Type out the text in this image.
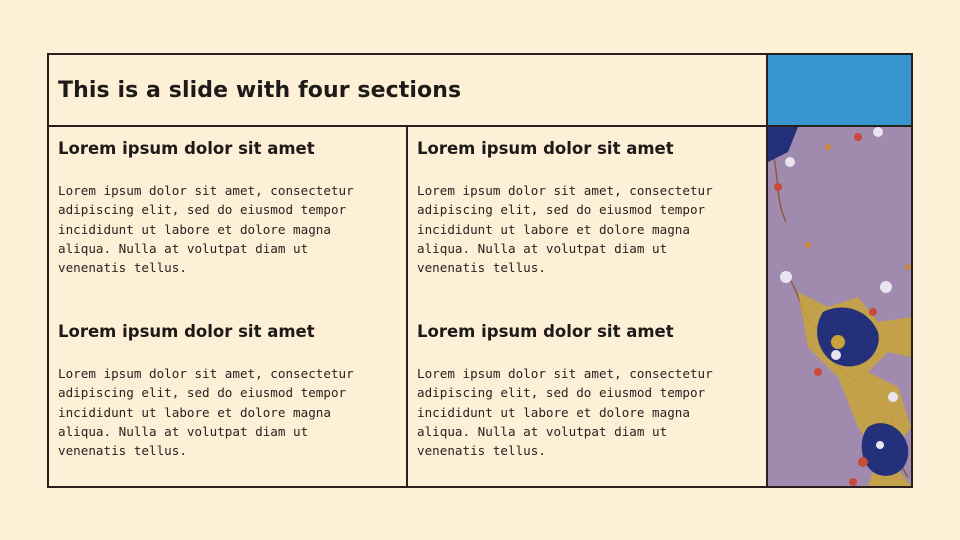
This is a slide with four sections

Lorem ipsum dolor sit amet

Lorem ipsum dolor sit amet, consectetur
adipiscing elit, sed do eiusmod tempor
incididunt ut labore et dolore magna
aliqua. Nulla at volutpat diam ut
venenatis tellus.

Lorem ipsum dolor sit amet

Lorem ipsum dolor sit amet, consectetur
adipiscing elit, sed do eiusmod tempor
incididunt ut labore et dolore magna
aliqua. Nulla at volutpat diam ut
venenatis tellus.

Lorem ipsum dolor sit amet

Lorem ipsum dolor sit amet, consectetur
adipiscing elit, sed do eiusmod tempor
incididunt ut labore et dolore magna
aliqua. Nulla at volutpat diam ut
venenatis tellus.

Lorem ipsum dolor sit amet

Lorem ipsum dolor sit amet, consectetur
adipiscing elit, sed do eiusmod tempor
incididunt ut labore et dolore magna
aliqua. Nulla at volutpat diam ut
venenatis tellus.
